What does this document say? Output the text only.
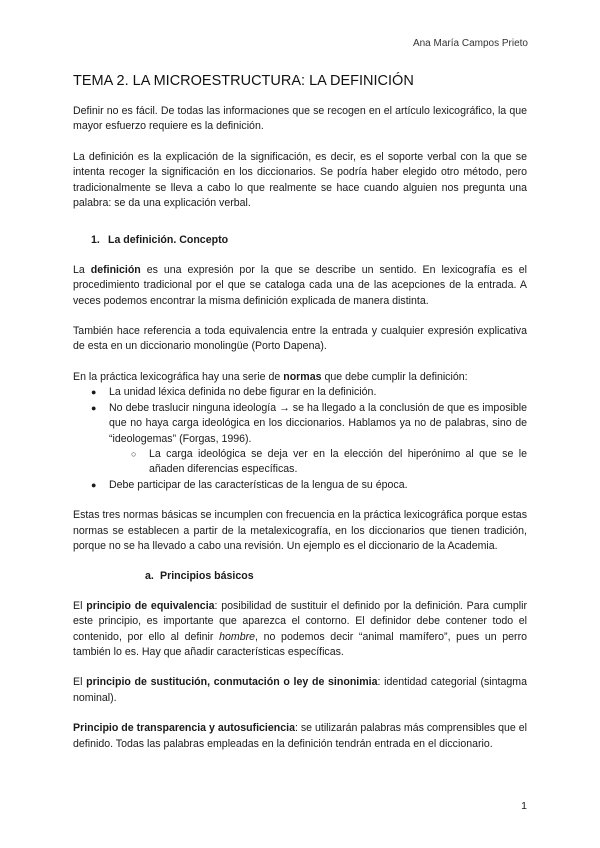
Ana María Campos Prieto
TEMA 2. LA MICROESTRUCTURA: LA DEFINICIÓN

Definir no es fácil. De todas las informaciones que se recogen en el artículo lexicográfico, la que mayor esfuerzo requiere es la definición.

La definición es la explicación de la significación, es decir, es el soporte verbal con la que se intenta recoger la significación en los diccionarios. Se podría haber elegido otro método, pero tradicionalmente se lleva a cabo lo que realmente se hace cuando alguien nos pregunta una palabra: se da una explicación verbal.

1. La definición. Concepto

La definición es una expresión por la que se describe un sentido. En lexicografía es el procedimiento tradicional por el que se cataloga cada una de las acepciones de la entrada. A veces podemos encontrar la misma definición explicada de manera distinta.

También hace referencia a toda equivalencia entre la entrada y cualquier expresión explicativa de esta en un diccionario monolingüe (Porto Dapena).

En la práctica lexicográfica hay una serie de normas que debe cumplir la definición:

● La unidad léxica definida no debe figurar en la definición.
● No debe traslucir ninguna ideología → se ha llegado a la conclusión de que es imposible que no haya carga ideológica en los diccionarios. Hablamos ya no de palabras, sino de “ideologemas” (Forgas, 1996).
○ La carga ideológica se deja ver en la elección del hiperónimo al que se le añaden diferencias específicas.
● Debe participar de las características de la lengua de su época.

Estas tres normas básicas se incumplen con frecuencia en la práctica lexicográfica porque estas normas se establecen a partir de la metalexicografía, en los diccionarios que tienen tradición, porque no se ha llevado a cabo una revisión. Un ejemplo es el diccionario de la Academia.

a. Principios básicos

El principio de equivalencia: posibilidad de sustituir el definido por la definición. Para cumplir este principio, es importante que aparezca el contorno. El definidor debe contener todo el contenido, por ello al definir hombre, no podemos decir “animal mamífero”, pues un perro también lo es. Hay que añadir características específicas.

El principio de sustitución, conmutación o ley de sinonimia: identidad categorial (sintagma nominal).

Principio de transparencia y autosuficiencia: se utilizarán palabras más comprensibles que el definido. Todas las palabras empleadas en la definición tendrán entrada en el diccionario.

1
